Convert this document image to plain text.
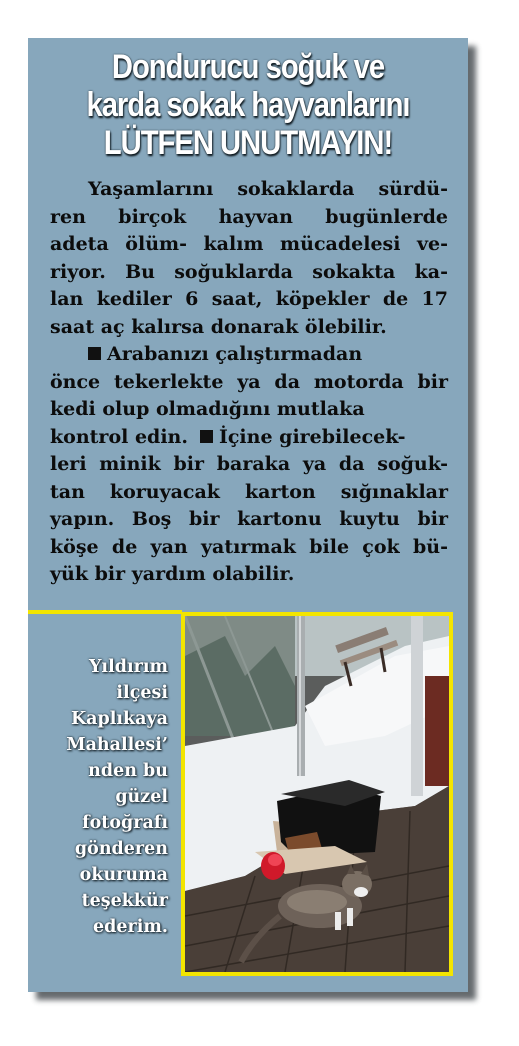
Dondurucu soğuk ve
karda sokak hayvanlarını
LÜTFEN UNUTMAYIN!
Yaşamlarını sokaklarda sürdü-
ren birçok hayvan bugünlerde
adeta ölüm- kalım mücadelesi ve-
riyor. Bu soğuklarda sokakta ka-
lan kediler 6 saat, köpekler de 17
saat aç kalırsa donarak ölebilir.
Arabanızı çalıştırmadan
önce tekerlekte ya da motorda bir
kedi olup olmadığını mutlaka
kontrol edin. İçine girebilecek-
leri minik bir baraka ya da soğuk-
tan koruyacak karton sığınaklar
yapın. Boş bir kartonu kuytu bir
köşe de yan yatırmak bile çok bü-
yük bir yardım olabilir.
Yıldırım
ilçesi
Kaplıkaya
Mahallesi’
nden bu
güzel
fotoğrafı
gönderen
okuruma
teşekkür
ederim.
